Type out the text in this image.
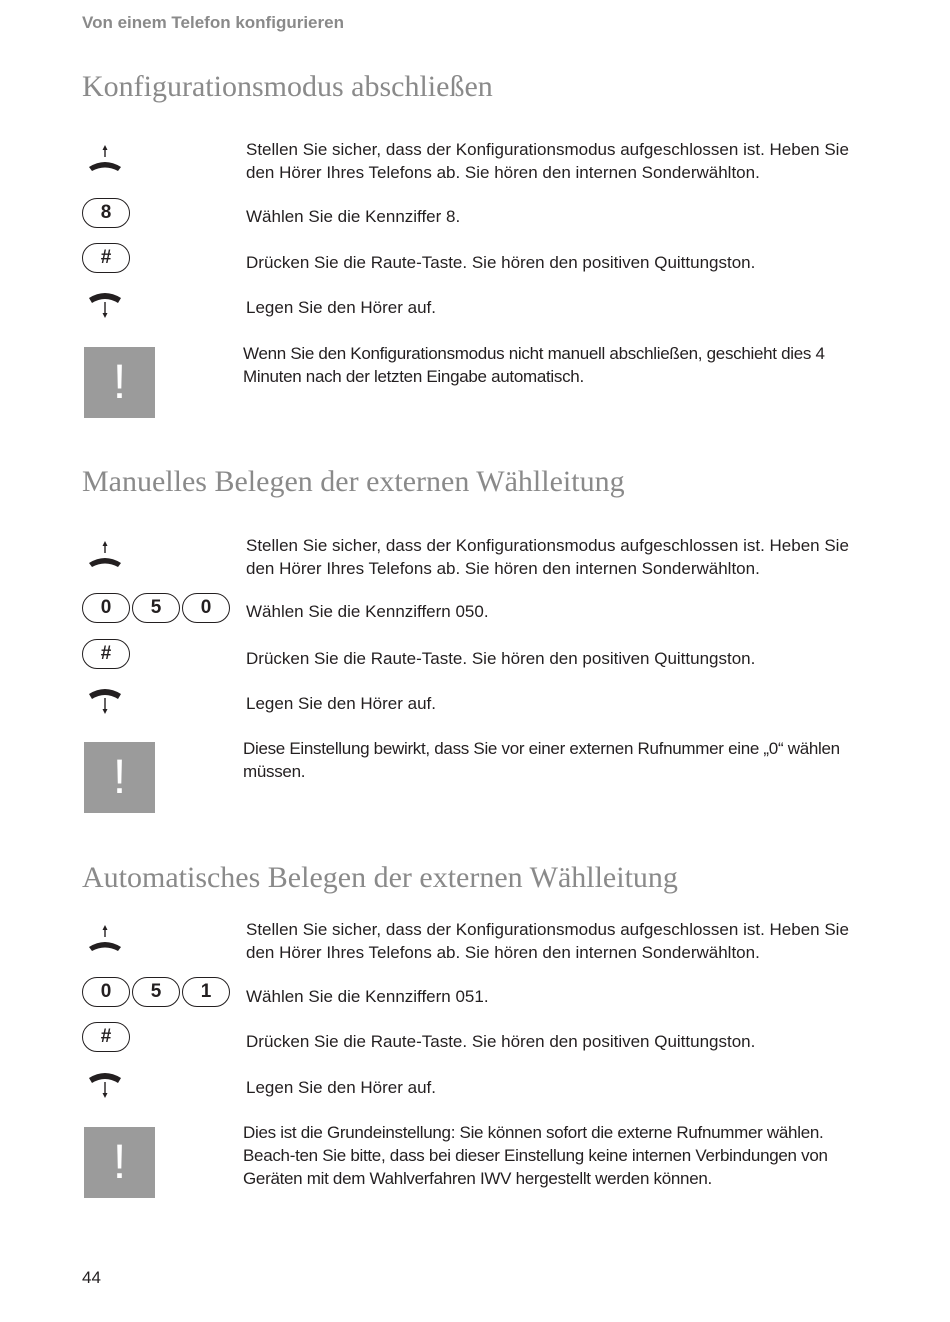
Von einem Telefon konfigurieren
Konfigurationsmodus abschließen
Stellen Sie sicher, dass der Konfigurationsmodus aufgeschlossen ist. Heben Sie den Hörer Ihres Telefons ab. Sie hören den internen Sonderwählton.
8	Wählen Sie die Kennziffer 8.
#	Drücken Sie die Raute-Taste. Sie hören den positiven Quittungston.
Legen Sie den Hörer auf.
!
Wenn Sie den Konfigurationsmodus nicht manuell abschließen, geschieht dies 4 Minuten nach der letzten Eingabe automatisch.
Manuelles Belegen der externen Wählleitung
Stellen Sie sicher, dass der Konfigurationsmodus aufgeschlossen ist. Heben Sie den Hörer Ihres Telefons ab. Sie hören den internen Sonderwählton.
0	5	0	Wählen Sie die Kennziffern 050.
#	Drücken Sie die Raute-Taste. Sie hören den positiven Quittungston.
Legen Sie den Hörer auf.
!
Diese Einstellung bewirkt, dass Sie vor einer externen Rufnummer eine „0“ wählen müssen.
Automatisches Belegen der externen Wählleitung
Stellen Sie sicher, dass der Konfigurationsmodus aufgeschlossen ist. Heben Sie den Hörer Ihres Telefons ab. Sie hören den internen Sonderwählton.
0	5	1	Wählen Sie die Kennziffern 051.
#	Drücken Sie die Raute-Taste. Sie hören den positiven Quittungston.
Legen Sie den Hörer auf.
!
Dies ist die Grundeinstellung: Sie können sofort die externe Rufnummer wählen. Beach-ten Sie bitte, dass bei dieser Einstellung keine internen Verbindungen von Geräten mit dem Wahlverfahren IWV hergestellt werden können.
44
